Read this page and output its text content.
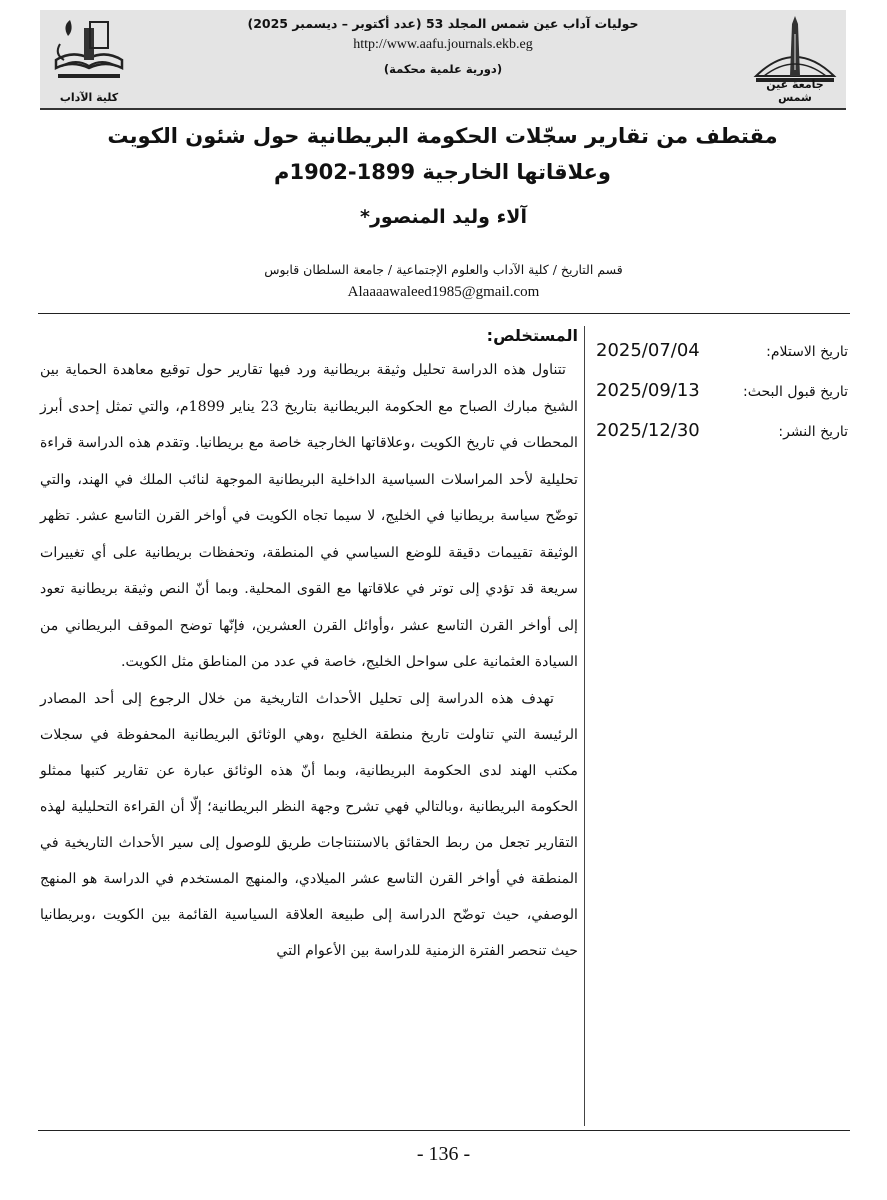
كلية الآداب
حوليات آداب عين شمس المجلد 53 (عدد أكتوبر – ديسمبر 2025)
http://www.aafu.journals.ekb.eg
(دورية علمية محكمة)
جامعة عين شمس
مقتطف من تقارير سجّلات الحكومة البريطانية حول شئون الكويت وعلاقاتها الخارجية 1899-1902م
آلاء وليد المنصور*
قسم التاريخ / كلية الآداب والعلوم الإجتماعية / جامعة السلطان قابوس
Alaaaawaleed1985@gmail.com
تاريخ الاستلام:
2025/07/04
تاريخ قبول البحث:
2025/09/13
تاريخ النشر:
2025/12/30
المستخلص:
تتناول هذه الدراسة تحليل وثيقة بريطانية ورد فيها تقارير حول توقيع معاهدة الحماية بين الشيخ مبارك الصباح مع الحكومة البريطانية بتاريخ 23 يناير 1899م، والتي تمثل إحدى أبرز المحطات في تاريخ الكويت ،وعلاقاتها الخارجية خاصة مع بريطانيا. وتقدم هذه الدراسة قراءة تحليلية لأحد المراسلات السياسية الداخلية البريطانية الموجهة لنائب الملك في الهند، والتي توضّح سياسة بريطانيا في الخليج، لا سيما تجاه الكويت في أواخر القرن التاسع عشر. تظهر الوثيقة تقييمات دقيقة للوضع السياسي في المنطقة، وتحفظات بريطانية على أي تغييرات سريعة قد تؤدي إلى توتر في علاقاتها مع القوى المحلية. وبما أنّ النص وثيقة بريطانية تعود إلى أواخر القرن التاسع عشر ،وأوائل القرن العشرين، فإنّها توضح الموقف البريطاني من السيادة العثمانية على سواحل الخليج، خاصة في عدد من المناطق مثل الكويت.
تهدف هذه الدراسة إلى تحليل الأحداث التاريخية من خلال الرجوع إلى أحد المصادر الرئيسة التي تناولت تاريخ منطقة الخليج ،وهي الوثائق البريطانية المحفوظة في سجلات مكتب الهند لدى الحكومة البريطانية، وبما أنّ هذه الوثائق عبارة عن تقارير كتبها ممثلو الحكومة البريطانية ،وبالتالي فهي تشرح وجهة النظر البريطانية؛ إلّا أن القراءة التحليلية لهذه التقارير تجعل من ربط الحقائق بالاستنتاجات طريق للوصول إلى سير الأحداث التاريخية في المنطقة في أواخر القرن التاسع عشر الميلادي، والمنهج المستخدم في الدراسة هو المنهج الوصفي، حيث توضّح الدراسة إلى طبيعة العلاقة السياسية القائمة بين الكويت ،وبريطانيا حيث تنحصر الفترة الزمنية للدراسة بين الأعوام التي
- 136 -
